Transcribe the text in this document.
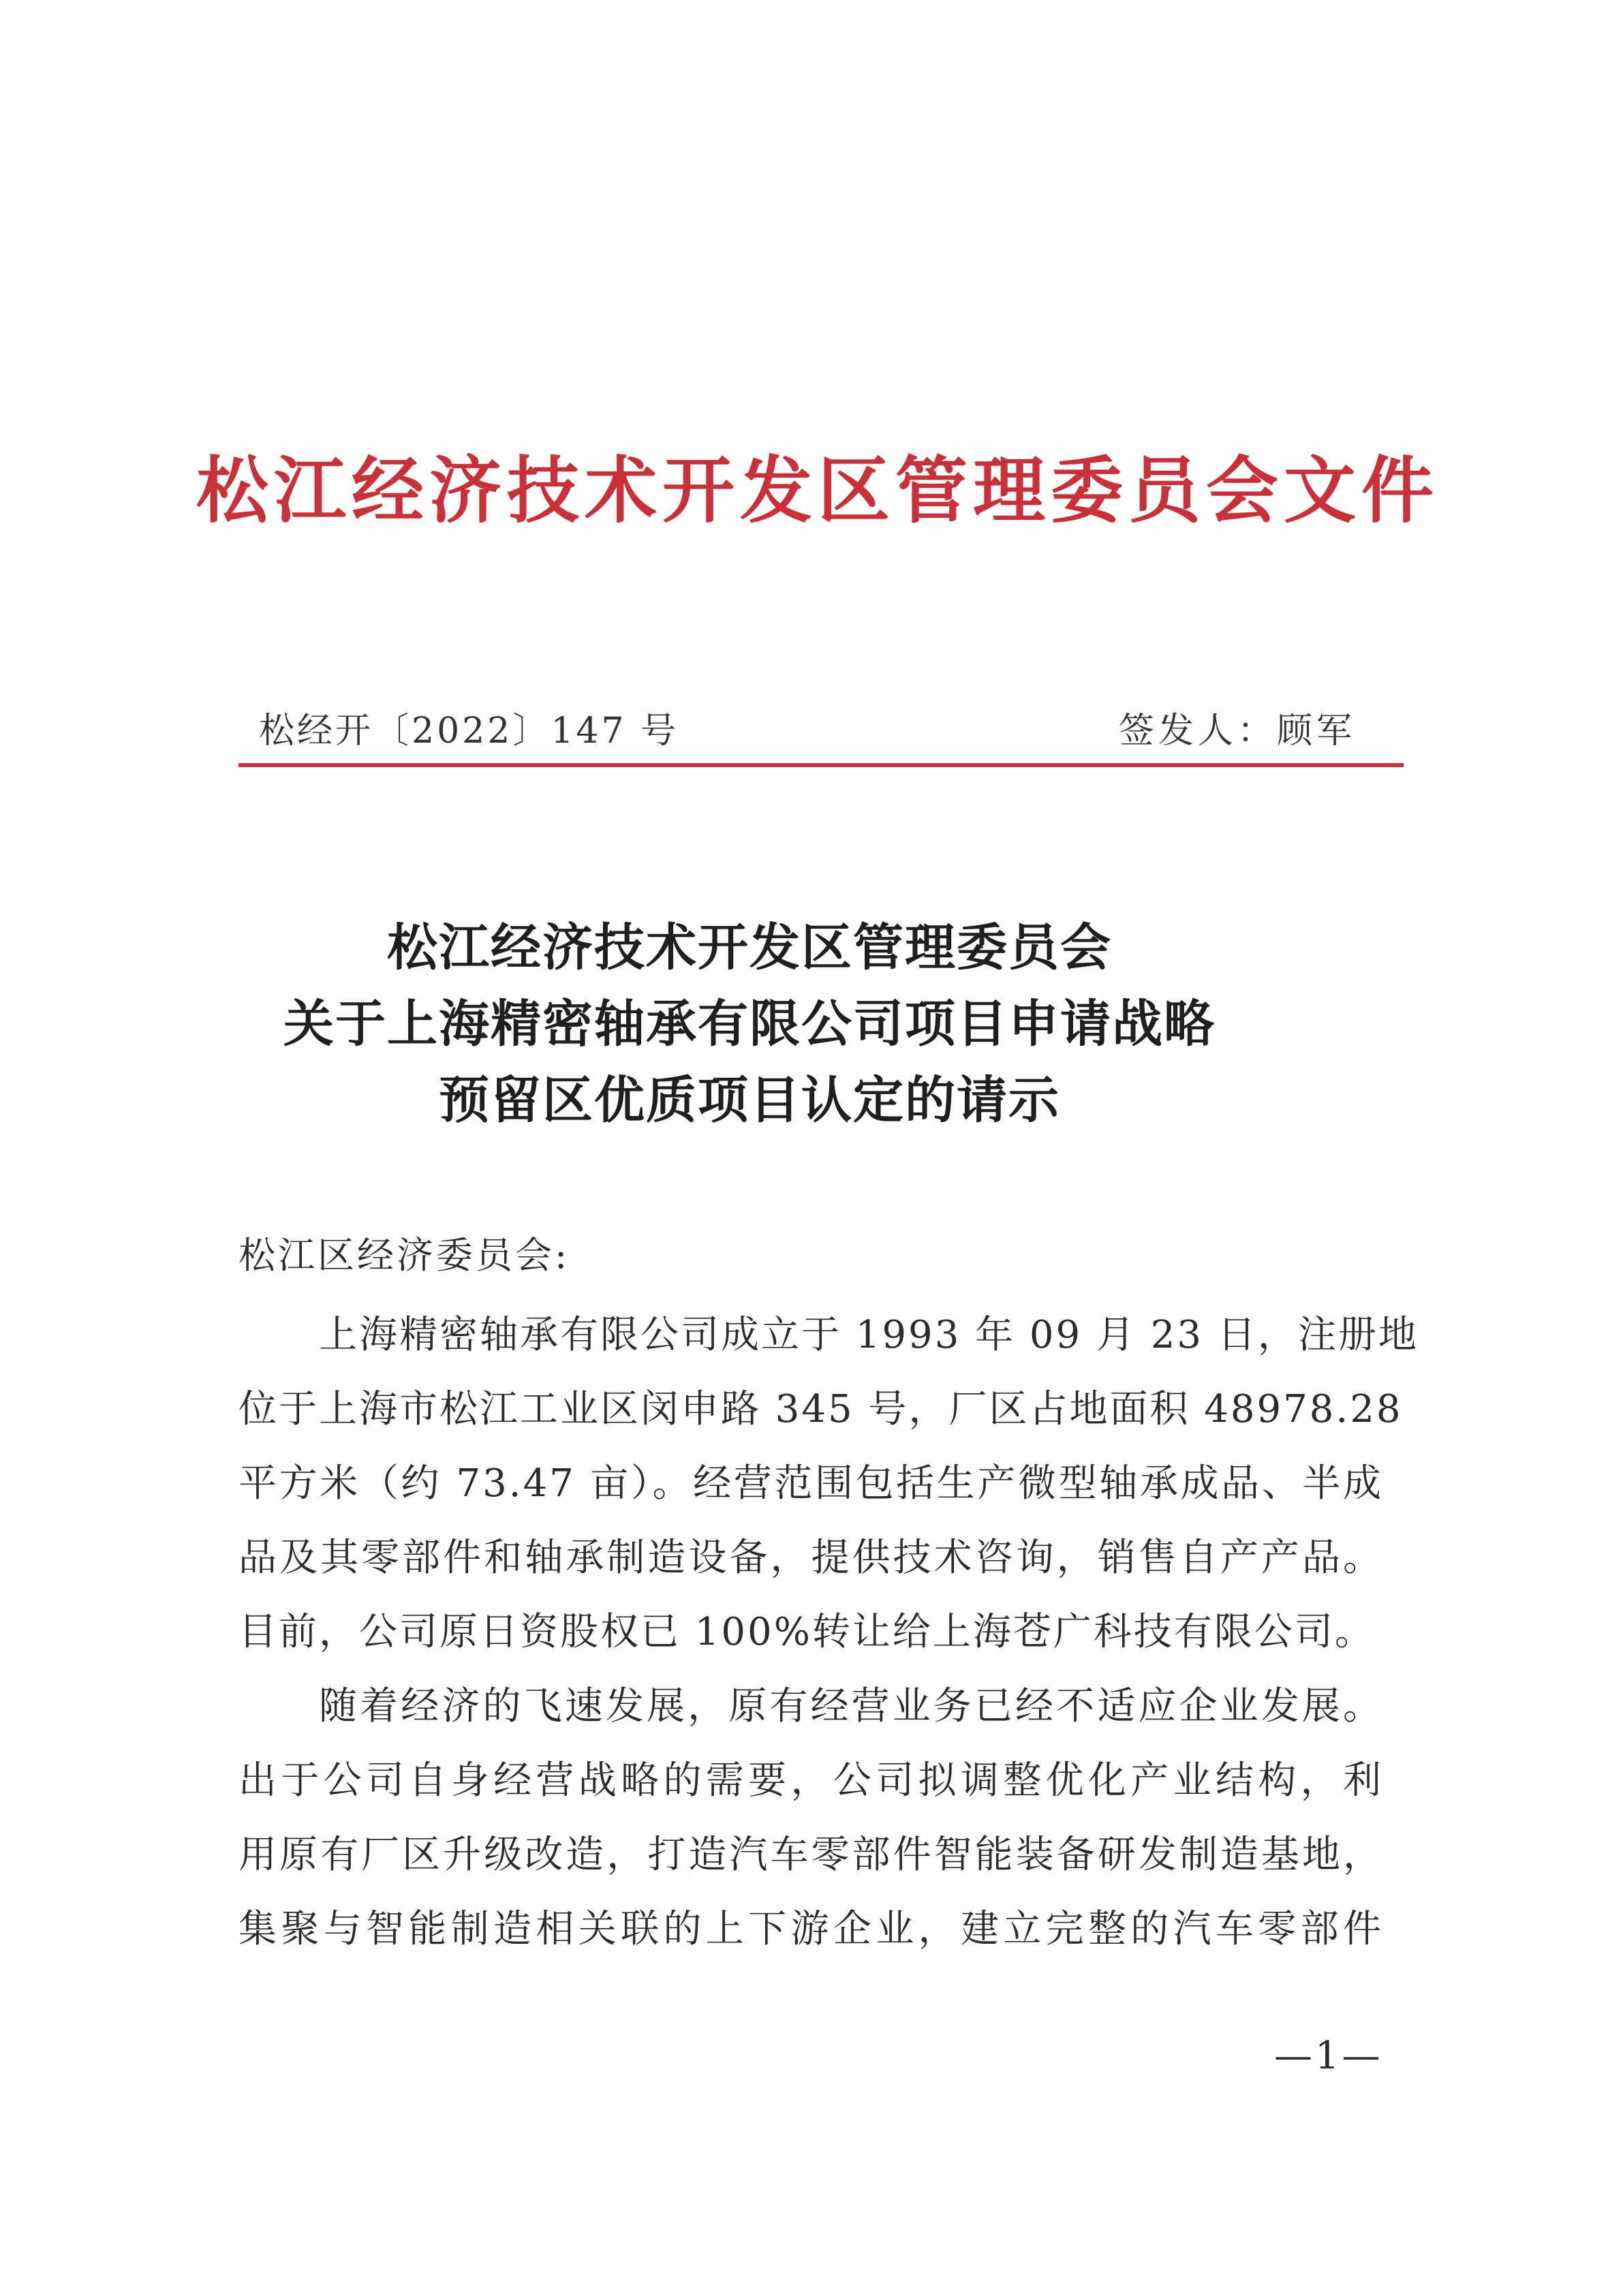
松江经济技术开发区管理委员会文件
松经开〔2022〕147 号	签发人：顾军
松江经济技术开发区管理委员会
关于上海精密轴承有限公司项目申请战略
预留区优质项目认定的请示
松江区经济委员会:
上海精密轴承有限公司成立于 1993 年 09 月 23 日，注册地
位于上海市松江工业区闵申路 345 号，厂区占地面积 48978.28
平方米（约 73.47 亩）。经营范围包括生产微型轴承成品、半成
品及其零部件和轴承制造设备，提供技术咨询，销售自产产品。
目前，公司原日资股权已 100%转让给上海苍广科技有限公司。
随着经济的飞速发展，原有经营业务已经不适应企业发展。
出于公司自身经营战略的需要，公司拟调整优化产业结构，利
用原有厂区升级改造，打造汽车零部件智能装备研发制造基地，
集聚与智能制造相关联的上下游企业，建立完整的汽车零部件
—1—
